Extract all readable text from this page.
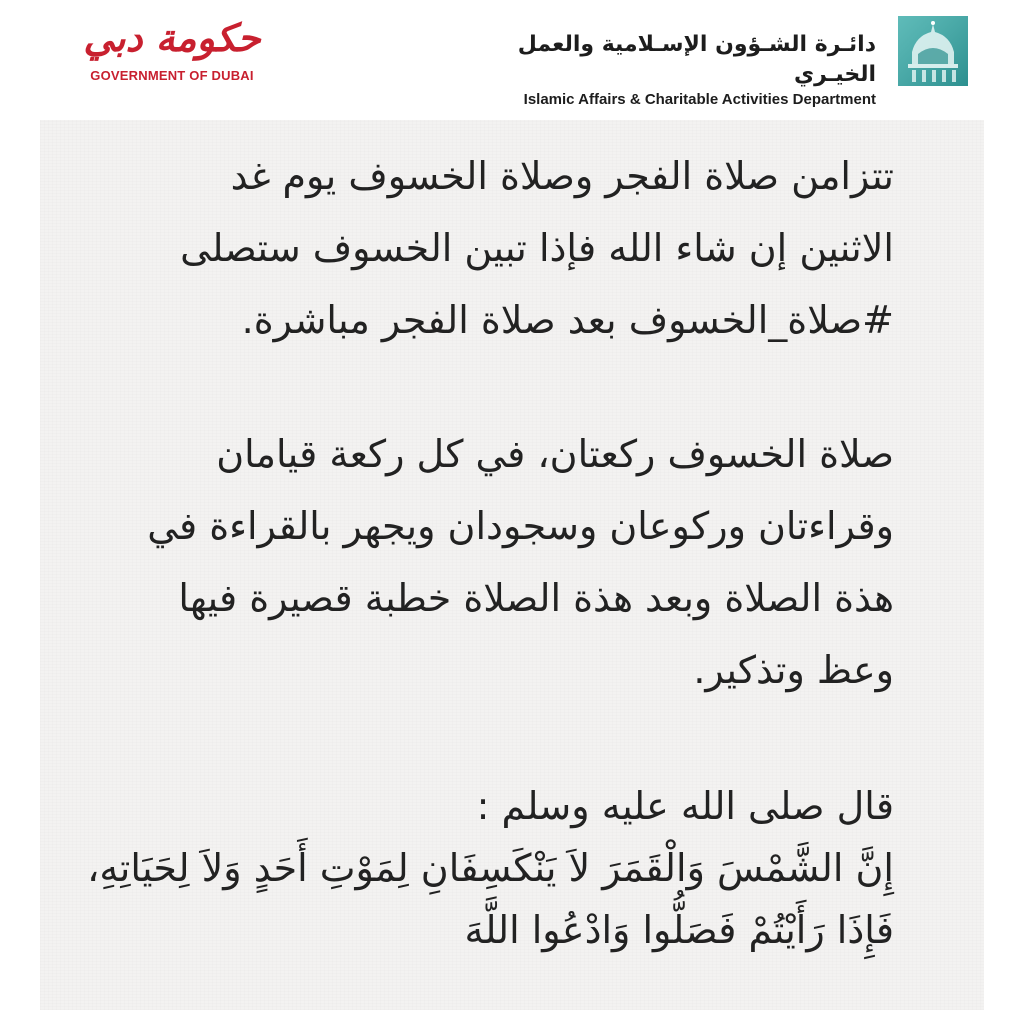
حكومة دبي
GOVERNMENT OF DUBAI
دائـرة الشـؤون الإسـلامية والعمل الخيـري
Islamic Affairs & Charitable Activities Department
تتزامن صلاة الفجر وصلاة الخسوف يوم غد
الاثنين إن شاء الله فإذا تبين الخسوف ستصلى
#صلاة_الخسوف بعد صلاة الفجر مباشرة.
صلاة الخسوف ركعتان، في كل ركعة قيامان
وقراءتان وركوعان وسجودان ويجهر بالقراءة في
هذة الصلاة وبعد هذة الصلاة خطبة قصيرة فيها
وعظ وتذكير.
قال صلى الله عليه وسلم :
إِنَّ الشَّمْسَ وَالْقَمَرَ لاَ يَنْكَسِفَانِ لِمَوْتِ أَحَدٍ وَلاَ لِحَيَاتِهِ،
فَإِذَا رَأَيْتُمْ فَصَلُّوا وَادْعُوا اللَّهَ
